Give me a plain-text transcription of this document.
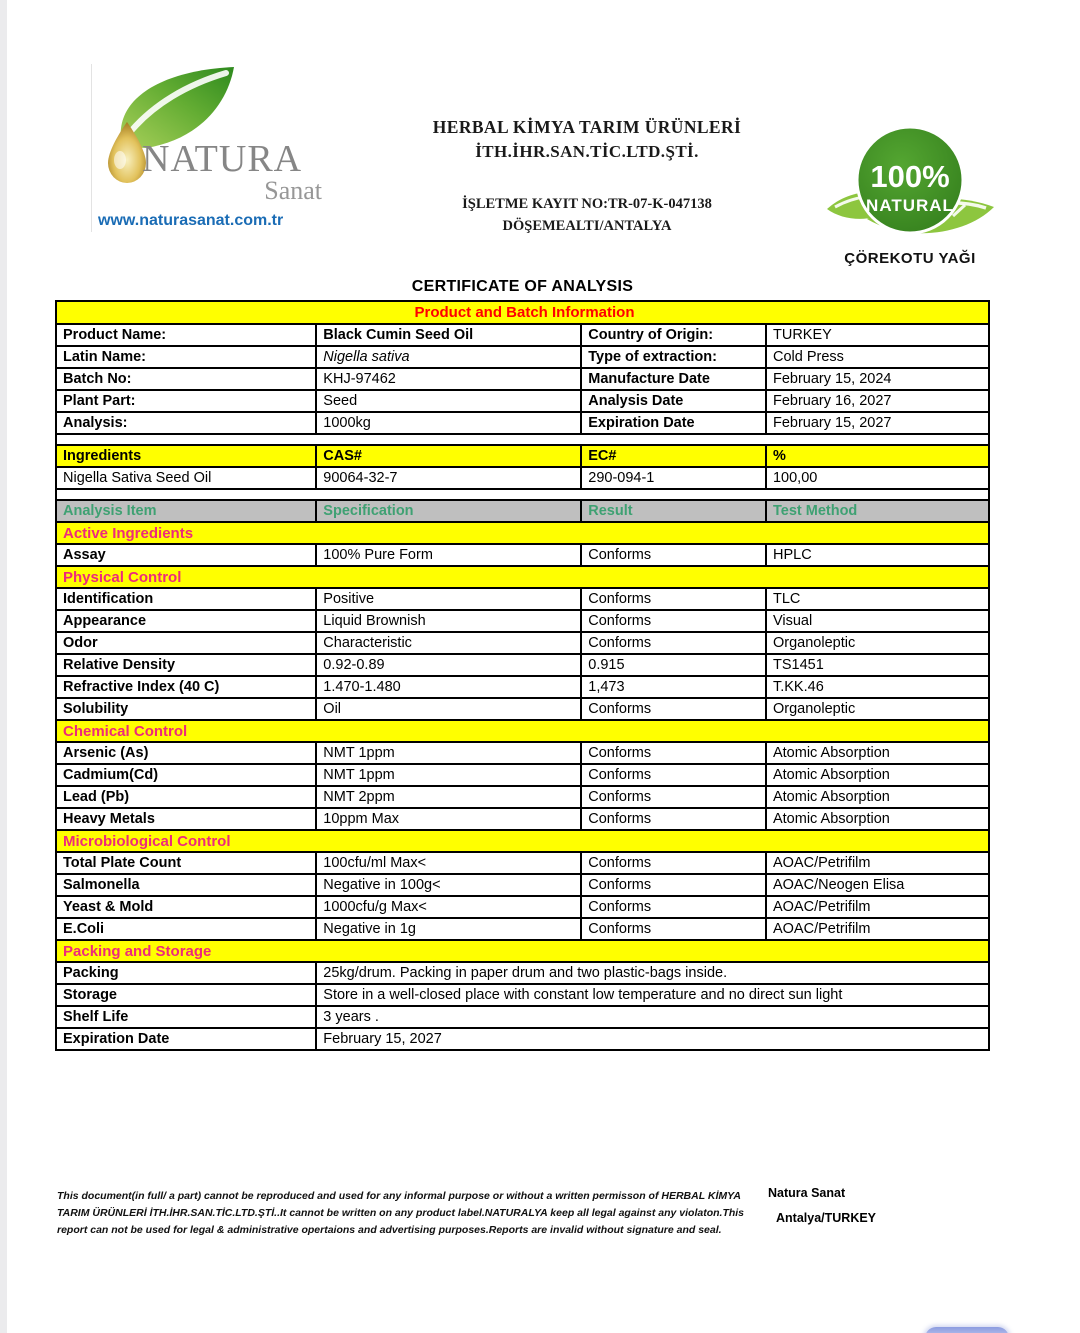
NATURA
Sanat
www.naturasanat.com.tr
HERBAL KİMYA TARIM ÜRÜNLERİ
İTH.İHR.SAN.TİC.LTD.ŞTİ.
İŞLETME KAYIT NO:TR-07-K-047138
DÖŞEMEALTI/ANTALYA
100%
NATURAL
ÇÖREKOTU YAĞI
CERTIFICATE OF ANALYSIS
Product and Batch Information			
Product Name:	Black Cumin Seed Oil	Country of Origin:	TURKEY
Latin Name:	Nigella sativa	Type of extraction:	Cold Press
Batch No:	KHJ-97462	Manufacture Date	February 15, 2024
Plant Part:	Seed	Analysis Date	February 16, 2027
Analysis:	1000kg	Expiration Date	February 15, 2027

Ingredients	CAS#	EC#	%
Nigella Sativa Seed Oil	90064-32-7	290-094-1	100,00

Analysis Item	Specification	Result	Test Method
Active Ingredients			
Assay	100% Pure Form	Conforms	HPLC
Physical Control			
Identification	Positive	Conforms	TLC
Appearance	Liquid Brownish	Conforms	Visual
Odor	Characteristic	Conforms	Organoleptic
Relative Density	0.92-0.89	0.915	TS1451
Refractive Index (40 C)	1.470-1.480	1,473	T.KK.46
Solubility	Oil	Conforms	Organoleptic
Chemical Control			
Arsenic (As)	NMT 1ppm	Conforms	Atomic Absorption
Cadmium(Cd)	NMT 1ppm	Conforms	Atomic Absorption
Lead (Pb)	NMT 2ppm	Conforms	Atomic Absorption
Heavy Metals	10ppm Max	Conforms	Atomic Absorption
Microbiological Control			
Total Plate Count	100cfu/ml Max<	Conforms	AOAC/Petrifilm
Salmonella	Negative in 100g<	Conforms	AOAC/Neogen Elisa
Yeast & Mold	1000cfu/g Max<	Conforms	AOAC/Petrifilm
E.Coli	Negative in 1g	Conforms	AOAC/Petrifilm
Packing and Storage			
Packing	25kg/drum. Packing in paper drum and two plastic-bags inside.		
Storage	Store in a well-closed place with constant low temperature and no direct sun light		
Shelf Life	3 years .		
Expiration Date	February 15, 2027		
This document(in full/ a part) cannot be reproduced and used for any informal purpose or without a written permisson of HERBAL KİMYA TARIM ÜRÜNLERİ İTH.İHR.SAN.TİC.LTD.ŞTİ..It cannot be written on any product label.NATURALYA keep all legal against any violaton.This report can not be used for legal & administrative opertaions and advertising purposes.Reports are invalid without signature and seal.
Natura Sanat
Antalya/TURKEY
